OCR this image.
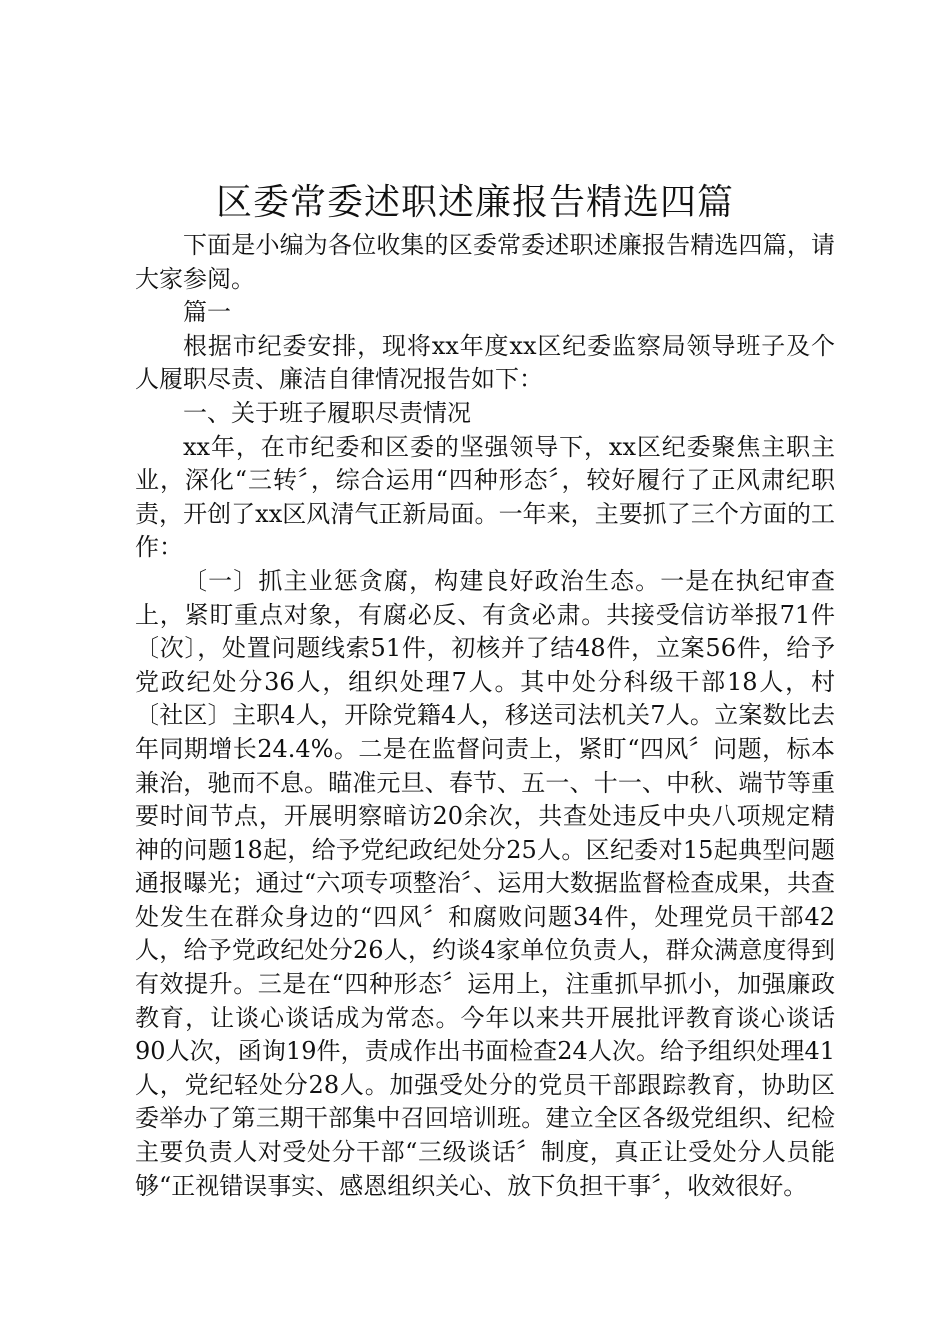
区委常委述职述廉报告精选四篇

下面是小编为各位收集的区委常委述职述廉报告精选四篇，请大家参阅。

篇一

根据市纪委安排，现将xx年度xx区纪委监察局领导班子及个人履职尽责、廉洁自律情况报告如下：

一、关于班子履职尽责情况

xx年，在市纪委和区委的坚强领导下，xx区纪委聚焦主职主业，深化“三转〞，综合运用“四种形态〞，较好履行了正风肃纪职责，开创了xx区风清气正新局面。一年来，主要抓了三个方面的工作：

〔一〕抓主业惩贪腐，构建良好政治生态。一是在执纪审查上，紧盯重点对象，有腐必反、有贪必肃。共接受信访举报71件〔次〕，处置问题线索51件，初核并了结48件，立案56件，给予党政纪处分36人，组织处理7人。其中处分科级干部18人，村〔社区〕主职4人，开除党籍4人，移送司法机关7人。立案数比去年同期增长24.4%。二是在监督问责上，紧盯“四风〞问题，标本兼治，驰而不息。瞄准元旦、春节、五一、十一、中秋、端节等重要时间节点，开展明察暗访20余次，共查处违反中央八项规定精神的问题18起，给予党纪政纪处分25人。区纪委对15起典型问题通报曝光；通过“六项专项整治〞、运用大数据监督检查成果，共查处发生在群众身边的“四风〞和腐败问题34件，处理党员干部42人，给予党政纪处分26人，约谈4家单位负责人，群众满意度得到有效提升。三是在“四种形态〞运用上，注重抓早抓小，加强廉政教育，让谈心谈话成为常态。今年以来共开展批评教育谈心谈话90人次，函询19件，责成作出书面检查24人次。给予组织处理41人，党纪轻处分28人。加强受处分的党员干部跟踪教育，协助区委举办了第三期干部集中召回培训班。建立全区各级党组织、纪检主要负责人对受处分干部“三级谈话〞制度，真正让受处分人员能够“正视错误事实、感恩组织关心、放下负担干事〞，收效很好。
